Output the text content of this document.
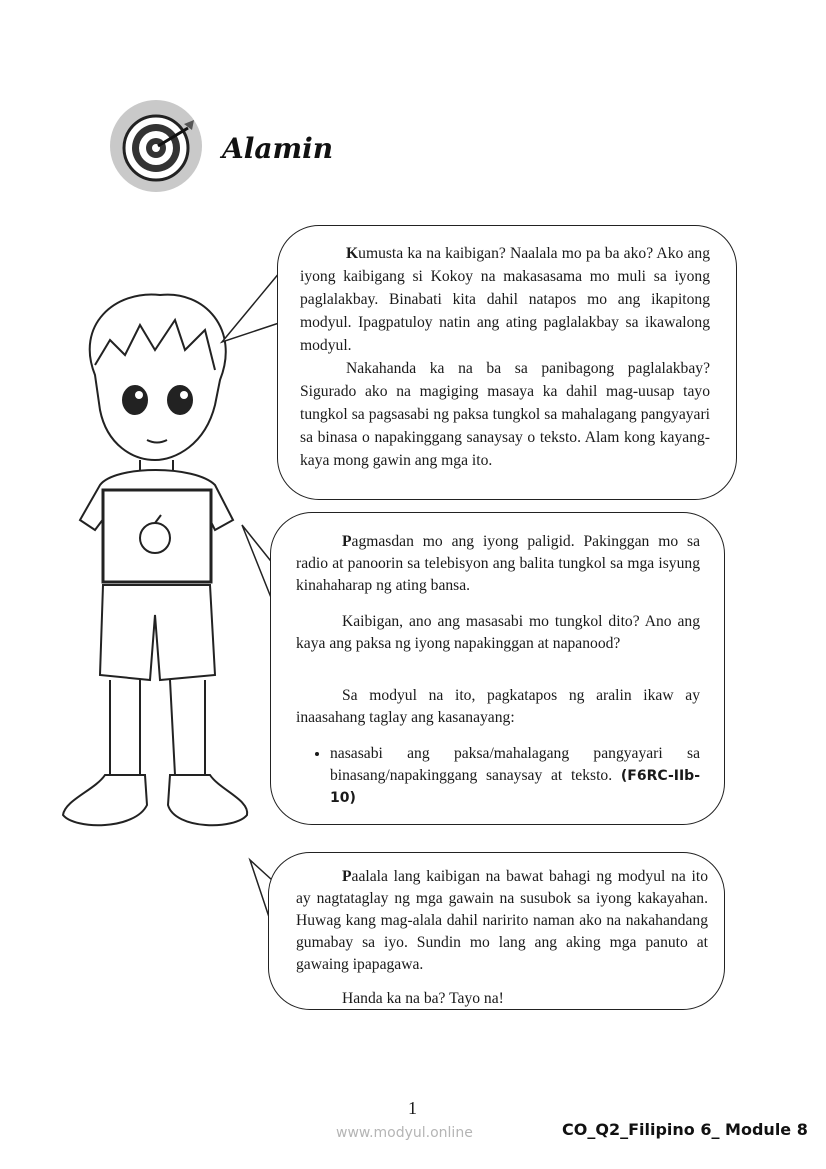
Alamin

Kumusta ka na kaibigan? Naalala mo pa ba ako? Ako ang iyong kaibigang si Kokoy na makasasama mo muli sa iyong paglalakbay. Binabati kita dahil natapos mo ang ikapitong modyul. Ipagpatuloy natin ang ating paglalakbay sa ikawalong modyul.

Nakahanda ka na ba sa panibagong paglalakbay? Sigurado ako na magiging masaya ka dahil mag-uusap tayo tungkol sa pagsasabi ng paksa tungkol sa mahalagang pangyayari sa binasa o napakinggang sanaysay o teksto. Alam kong kayang-kaya mong gawin ang mga ito.

Pagmasdan mo ang iyong paligid. Pakinggan mo sa radio at panoorin sa telebisyon ang balita tungkol sa mga isyung kinahaharap ng ating bansa.

Kaibigan, ano ang masasabi mo tungkol dito? Ano ang kaya ang paksa ng iyong napakinggan at napanood?

Sa modyul na ito, pagkatapos ng aralin ikaw ay inaasahang taglay ang kasanayang:

• nasasabi ang paksa/mahalagang pangyayari sa binasang/napakinggang sanaysay at teksto. (F6RC-IIb-10)

Paalala lang kaibigan na bawat bahagi ng modyul na ito ay nagtataglay ng mga gawain na susubok sa iyong kakayahan. Huwag kang mag-alala dahil naririto naman ako na nakahandang gumabay sa iyo. Sundin mo lang ang aking mga panuto at gawaing ipapagawa.

Handa ka na ba? Tayo na!

1
www.modyul.online	CO_Q2_Filipino 6_ Module 8
